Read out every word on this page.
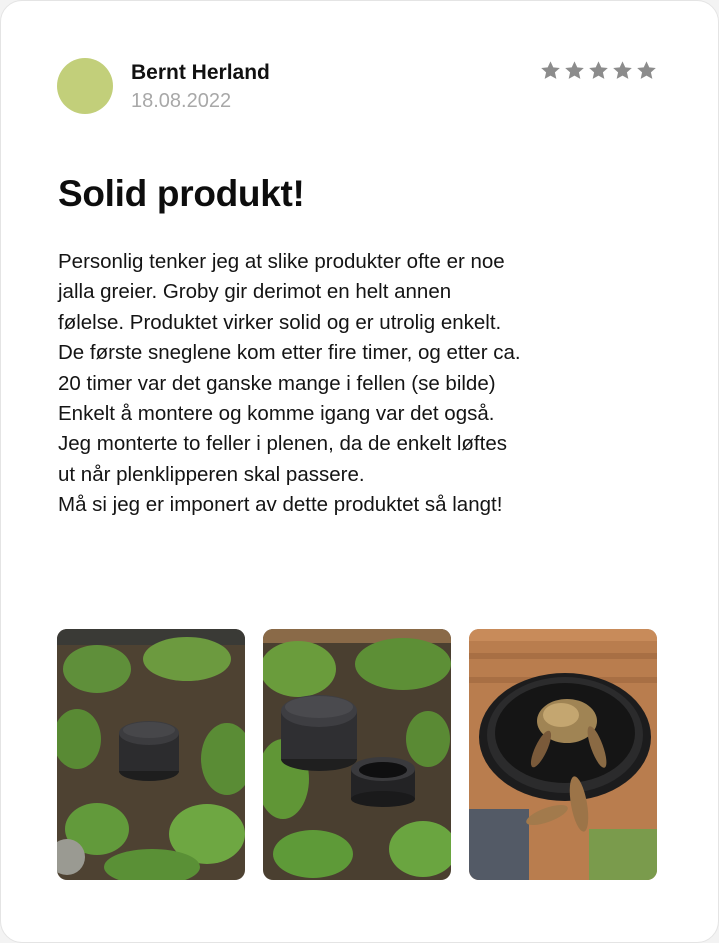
Bernt Herland
18.08.2022
Solid produkt!

Personlig tenker jeg at slike produkter ofte er noe

jalla greier. Groby gir derimot en helt annen

følelse. Produktet virker solid og er utrolig enkelt.

De første sneglene kom etter fire timer, og etter ca.

20 timer var det ganske mange i fellen (se bilde)

Enkelt å montere og komme igang var det også.

Jeg monterte to feller i plenen, da de enkelt løftes

ut når plenklipperen skal passere.

Må si jeg er imponert av dette produktet så langt!
